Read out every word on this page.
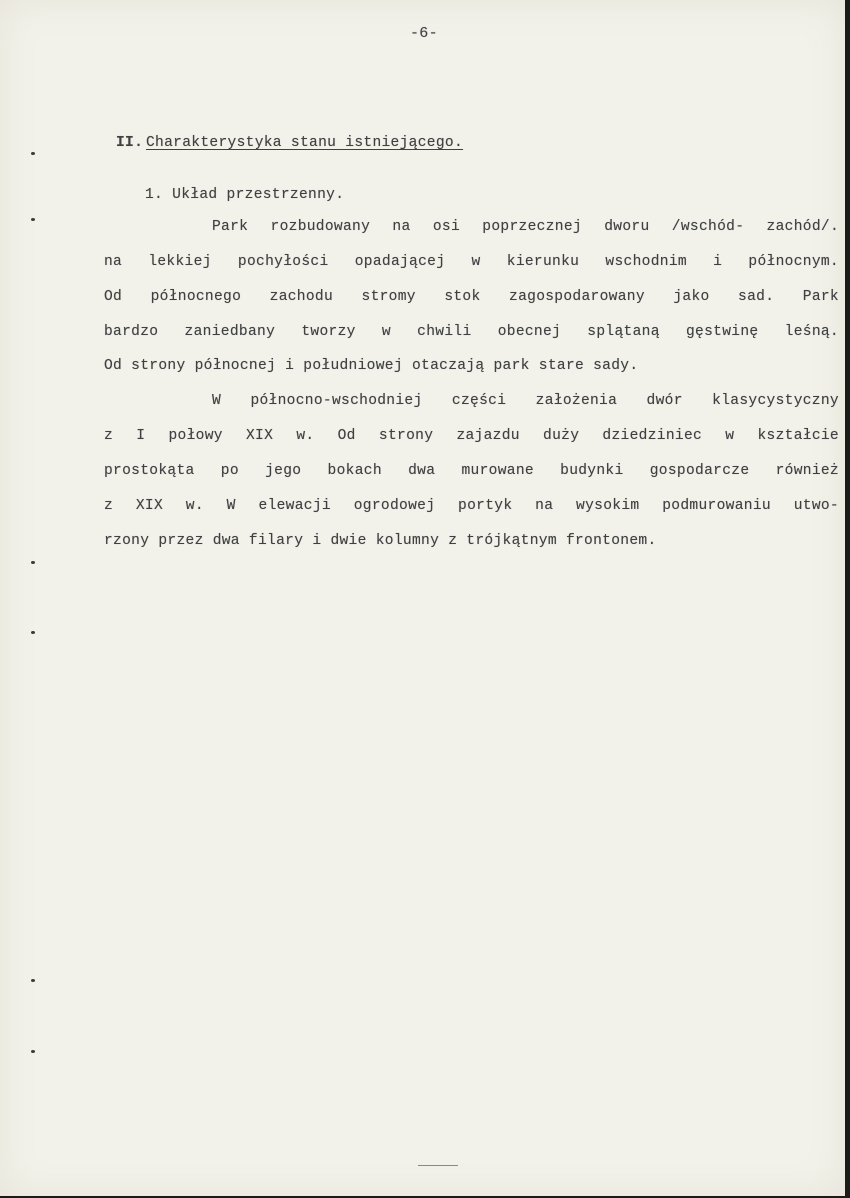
-6-
II. Charakterystyka stanu istniejącego.
1. Układ przestrzenny.
Park rozbudowany na osi poprzecznej dworu /wschód- zachód/.
na lekkiej pochyłości opadającej w kierunku wschodnim i północnym.
Od północnego zachodu stromy stok zagospodarowany jako sad. Park
bardzo zaniedbany tworzy w chwili obecnej splątaną gęstwinę leśną.
Od strony północnej i południowej otaczają park stare sady.
W północno-wschodniej części założenia dwór klasycystyczny
z I połowy XIX w. Od strony zajazdu duży dziedziniec w kształcie
prostokąta po jego bokach dwa murowane budynki gospodarcze również
z XIX w. W elewacji ogrodowej portyk na wysokim podmurowaniu utwo-
rzony przez dwa filary i dwie kolumny z trójkątnym frontonem.
